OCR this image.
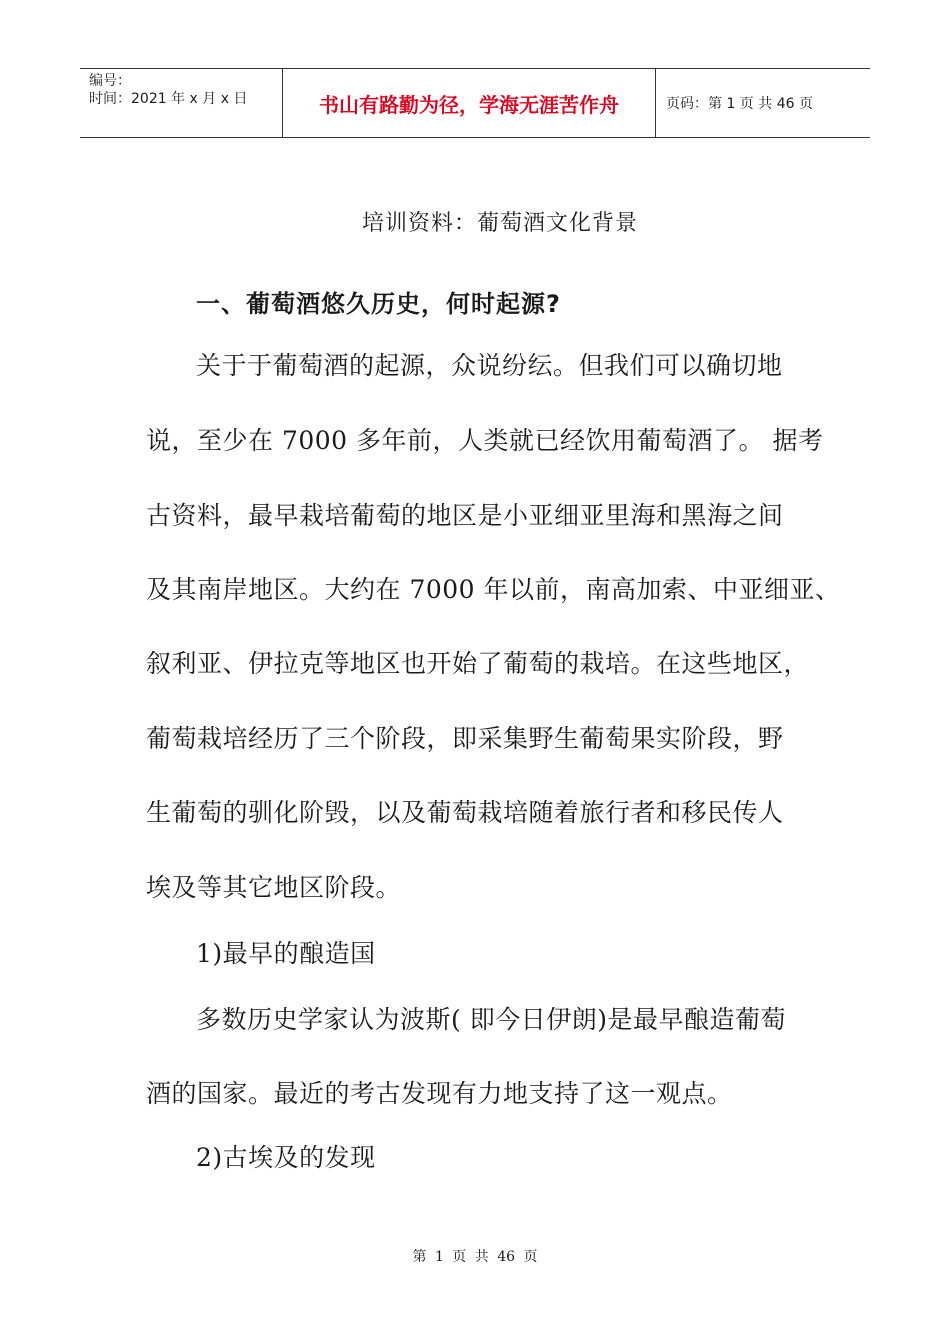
编号：
时间：2021 年 x 月 x 日	书山有路勤为径，学海无涯苦作舟	页码：第 1 页 共 46 页
培训资料：葡萄酒文化背景
一、葡萄酒悠久历史，何时起源?
关于于葡萄酒的起源，众说纷纭。但我们可以确切地
说，至少在 7000 多年前，人类就已经饮用葡萄酒了。 据考
古资料，最早栽培葡萄的地区是小亚细亚里海和黑海之间
及其南岸地区。大约在 7000 年以前，南高加索、中亚细亚、
叙利亚、伊拉克等地区也开始了葡萄的栽培。在这些地区，
葡萄栽培经历了三个阶段，即采集野生葡萄果实阶段，野
生葡萄的驯化阶毁，以及葡萄栽培随着旅行者和移民传人
埃及等其它地区阶段。
1)最早的酿造国
多数历史学家认为波斯( 即今日伊朗)是最早酿造葡萄
酒的国家。最近的考古发现有力地支持了这一观点。
2)古埃及的发现
第 1 页 共 46 页
